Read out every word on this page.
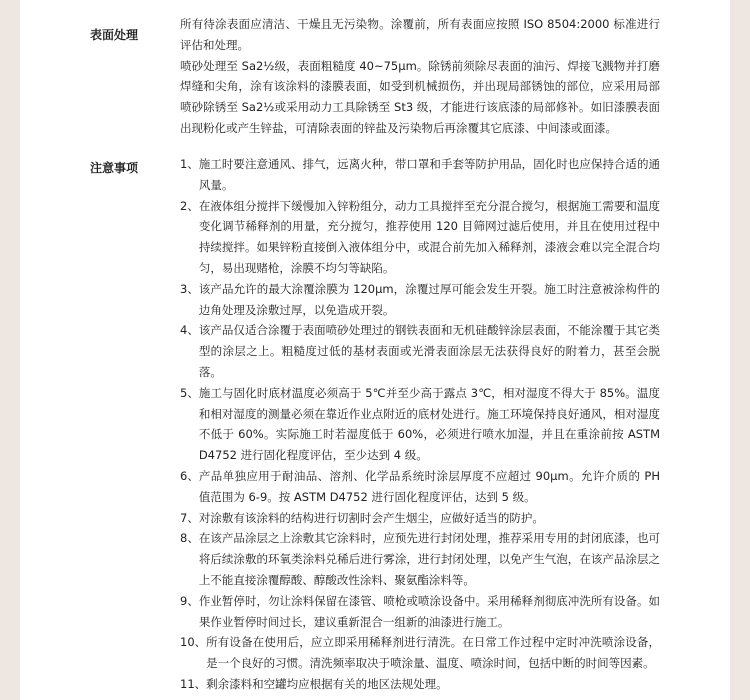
表面处理

所有待涂表面应清洁、干燥且无污染物。涂覆前，所有表面应按照 ISO 8504:2000 标准进行评估和处理。

喷砂处理至 Sa2½级，表面粗糙度 40~75μm。除锈前须除尽表面的油污、焊接飞溅物并打磨焊缝和尖角，涂有该涂料的漆膜表面，如受到机械损伤，并出现局部锈蚀的部位，应采用局部喷砂除锈至 Sa2½或采用动力工具除锈至 St3 级，才能进行该底漆的局部修补。如旧漆膜表面出现粉化或产生锌盐，可清除表面的锌盐及污染物后再涂覆其它底漆、中间漆或面漆。

注意事项	1、 施工时要注意通风、排气，远离火种，带口罩和手套等防护用品，固化时也应保持合适的通风量。
2、 在液体组分搅拌下缓慢加入锌粉组分，动力工具搅拌至充分混合搅匀，根据施工需要和温度变化调节稀释剂的用量，充分搅匀，推荐使用 120 目筛网过滤后使用，并且在使用过程中持续搅拌。如果锌粉直接倒入液体组分中，或混合前先加入稀释剂，漆液会难以完全混合均匀，易出现赌枪，涂膜不均匀等缺陷。
3、 该产品允许的最大涂覆涂膜为 120μm，涂覆过厚可能会发生开裂。施工时注意被涂构件的边角处理及涂敷过厚，以免造成开裂。
4、 该产品仅适合涂覆于表面喷砂处理过的钢铁表面和无机硅酸锌涂层表面，不能涂覆于其它类型的涂层之上。粗糙度过低的基材表面或光滑表面涂层无法获得良好的附着力，甚至会脱落。
5、 施工与固化时底材温度必须高于 5℃并至少高于露点 3℃，相对湿度不得大于 85%。温度和相对湿度的测量必须在靠近作业点附近的底材处进行。施工环境保持良好通风，相对湿度不低于 60%。实际施工时若湿度低于 60%，必须进行喷水加湿，并且在重涂前按 ASTM D4752 进行固化程度评估，至少达到 4 级。
6、 产品单独应用于耐油品、溶剂、化学品系统时涂层厚度不应超过 90μm。允许介质的 PH 值范围为 6-9。按 ASTM D4752 进行固化程度评估，达到 5 级。
7、 对涂敷有该涂料的结构进行切割时会产生烟尘，应做好适当的防护。
8、 在该产品涂层之上涂敷其它涂料时，应预先进行封闭处理，推荐采用专用的封闭底漆，也可将后续涂敷的环氧类涂料兑稀后进行雾涂，进行封闭处理，以免产生气泡，在该产品涂层之上不能直接涂覆醇酸、醇酸改性涂料、聚氨酯涂料等。
9、 作业暂停时，勿让涂料保留在漆管、喷枪或喷涂设备中。采用稀释剂彻底冲洗所有设备。如果作业暂停时间过长，建议重新混合一组新的油漆进行施工。
10、 所有设备在使用后，应立即采用稀释剂进行清洗。在日常工作过程中定时冲洗喷涂设备，是一个良好的习惯。清洗频率取决于喷涂量、温度、喷涂时间，包括中断的时间等因素。
11、 剩余漆料和空罐均应根据有关的地区法规处理。
